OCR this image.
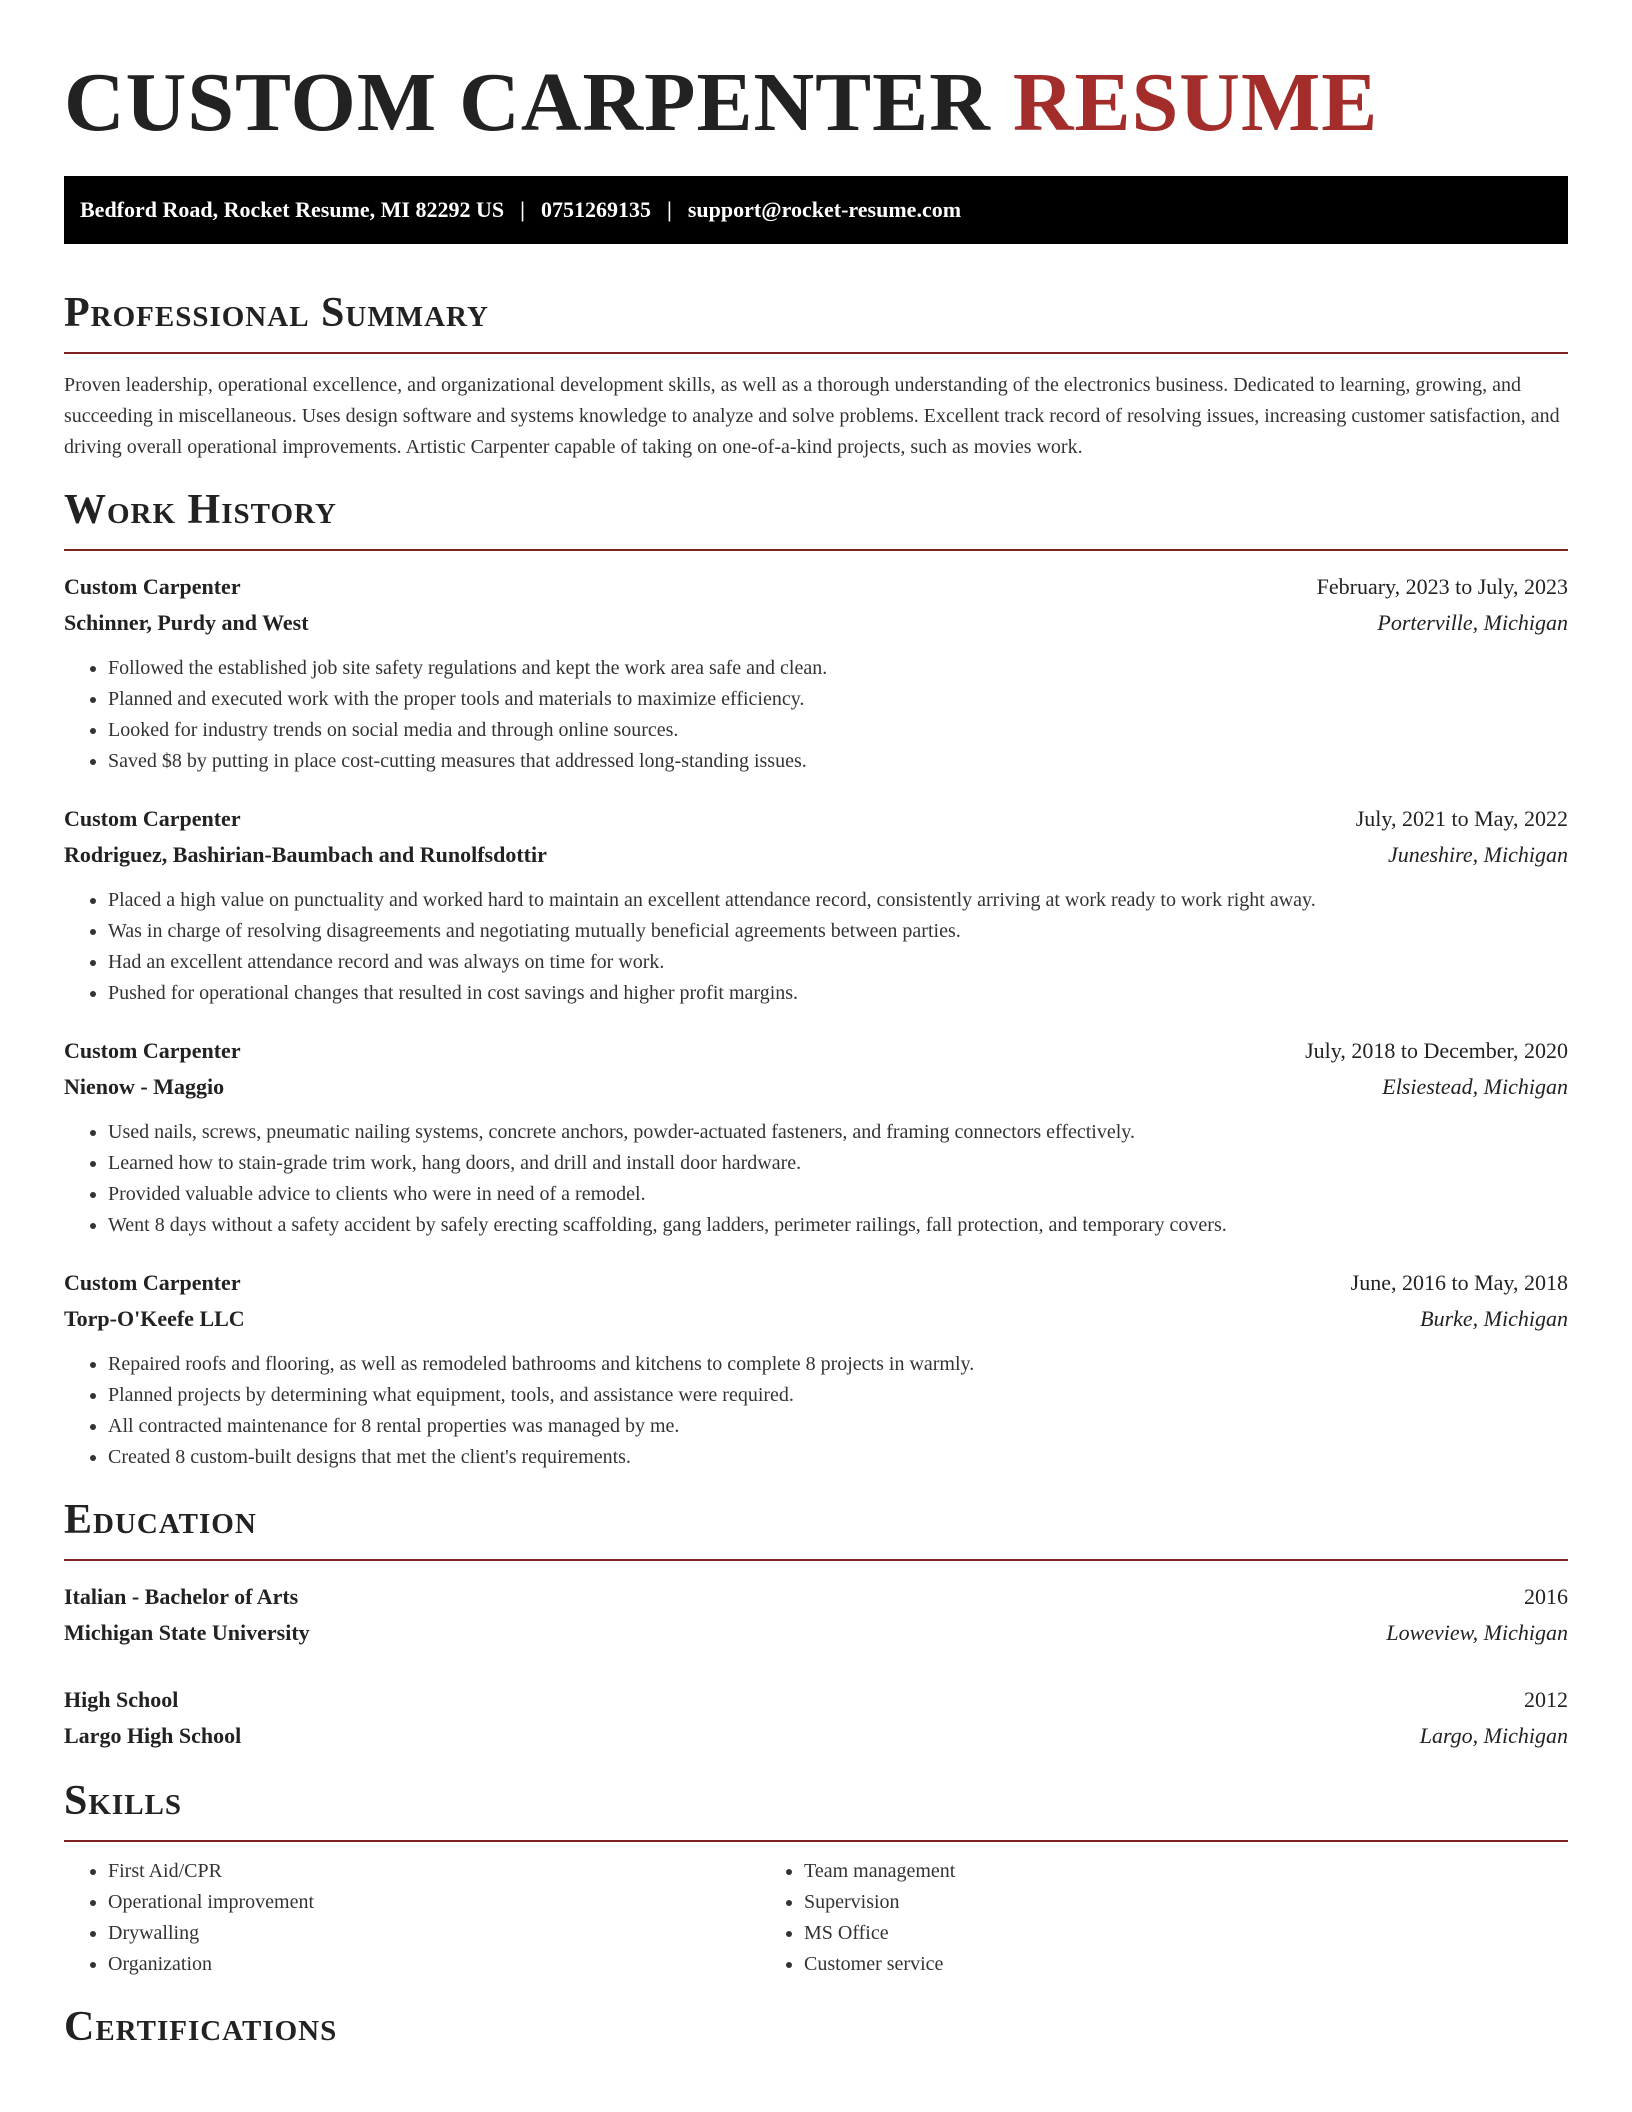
CUSTOM CARPENTER RESUME
Bedford Road, Rocket Resume, MI 82292 US | 0751269135 | support@rocket-resume.com
Professional Summary

Proven leadership, operational excellence, and organizational development skills, as well as a thorough understanding of the electronics business. Dedicated to learning, growing, and succeeding in miscellaneous. Uses design software and systems knowledge to analyze and solve problems. Excellent track record of resolving issues, increasing customer satisfaction, and driving overall operational improvements. Artistic Carpenter capable of taking on one-of-a-kind projects, such as movies work.

Work History
Custom Carpenter	February, 2023 to July, 2023
Schinner, Purdy and West	Porterville, Michigan
• Followed the established job site safety regulations and kept the work area safe and clean.
• Planned and executed work with the proper tools and materials to maximize efficiency.
• Looked for industry trends on social media and through online sources.
• Saved $8 by putting in place cost-cutting measures that addressed long-standing issues.
Custom Carpenter	July, 2021 to May, 2022
Rodriguez, Bashirian-Baumbach and Runolfsdottir	Juneshire, Michigan
• Placed a high value on punctuality and worked hard to maintain an excellent attendance record, consistently arriving at work ready to work right away.
• Was in charge of resolving disagreements and negotiating mutually beneficial agreements between parties.
• Had an excellent attendance record and was always on time for work.
• Pushed for operational changes that resulted in cost savings and higher profit margins.
Custom Carpenter	July, 2018 to December, 2020
Nienow - Maggio	Elsiestead, Michigan
• Used nails, screws, pneumatic nailing systems, concrete anchors, powder-actuated fasteners, and framing connectors effectively.
• Learned how to stain-grade trim work, hang doors, and drill and install door hardware.
• Provided valuable advice to clients who were in need of a remodel.
• Went 8 days without a safety accident by safely erecting scaffolding, gang ladders, perimeter railings, fall protection, and temporary covers.
Custom Carpenter	June, 2016 to May, 2018
Torp-O'Keefe LLC	Burke, Michigan
• Repaired roofs and flooring, as well as remodeled bathrooms and kitchens to complete 8 projects in warmly.
• Planned projects by determining what equipment, tools, and assistance were required.
• All contracted maintenance for 8 rental properties was managed by me.
• Created 8 custom-built designs that met the client's requirements.
Education
Italian - Bachelor of Arts	2016
Michigan State University	Loweview, Michigan
High School	2012
Largo High School	Largo, Michigan
Skills
• First Aid/CPR
• Operational improvement
• Drywalling
• Organization
• Team management
• Supervision
• MS Office
• Customer service
Certifications
